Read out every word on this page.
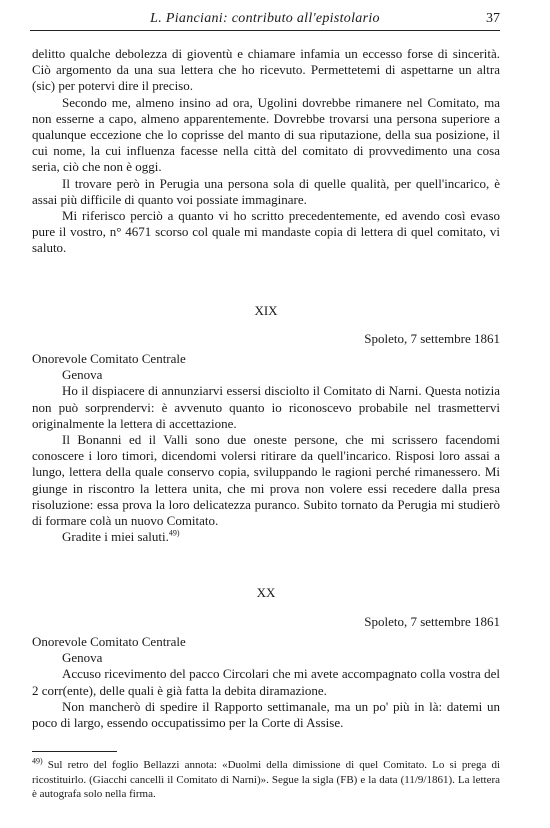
L. Pianciani: contributo all'epistolario	37

delitto qualche debolezza di gioventù e chiamare infamia un eccesso forse di sincerità. Ciò argomento da una sua lettera che ho ricevuto. Permettetemi di aspettarne un altra (sic) per potervi dire il preciso.

Secondo me, almeno insino ad ora, Ugolini dovrebbe rimanere nel Comitato, ma non esserne a capo, almeno apparentemente. Dovrebbe trovarsi una persona superiore a qualunque eccezione che lo coprisse del manto di sua riputazione, della sua posizione, il cui nome, la cui influenza facesse nella città del comitato di provvedimento una cosa seria, ciò che non è oggi.

Il trovare però in Perugia una persona sola di quelle qualità, per quell'incarico, è assai più difficile di quanto voi possiate immaginare.

Mi riferisco perciò a quanto vi ho scritto precedentemente, ed avendo così evaso pure il vostro, n° 4671 scorso col quale mi mandaste copia di lettera di quel comitato, vi saluto.

XIX
Spoleto, 7 settembre 1861
Onorevole Comitato Centrale
Genova

Ho il dispiacere di annunziarvi essersi disciolto il Comitato di Narni. Questa notizia non può sorprendervi: è avvenuto quanto io riconoscevo probabile nel trasmettervi originalmente la lettera di accettazione.

Il Bonanni ed il Valli sono due oneste persone, che mi scrissero facendomi conoscere i loro timori, dicendomi volersi ritirare da quell'incarico. Risposi loro assai a lungo, lettera della quale conservo copia, sviluppando le ragioni perché rimanessero. Mi giunge in riscontro la lettera unita, che mi prova non volere essi recedere dalla presa risoluzione: essa prova la loro delicatezza puranco. Subito tornato da Perugia mi studierò di formare colà un nuovo Comitato.

Gradite i miei saluti.$^{49)}$

XX
Spoleto, 7 settembre 1861
Onorevole Comitato Centrale
Genova

Accuso ricevimento del pacco Circolari che mi avete accompagnato colla vostra del 2 corr(ente), delle quali è già fatta la debita diramazione.

Non mancherò di spedire il Rapporto settimanale, ma un po' più in là: datemi un poco di largo, essendo occupatissimo per la Corte di Assise.

$^{49)}$ Sul retro del foglio Bellazzi annota: «Duolmi della dimissione di quel Comitato. Lo si prega di ricostituirlo. (Giacchi cancellì il Comitato di Narni)». Segue la sigla (FB) e la data (11/9/1861). La lettera è autografa solo nella firma.
